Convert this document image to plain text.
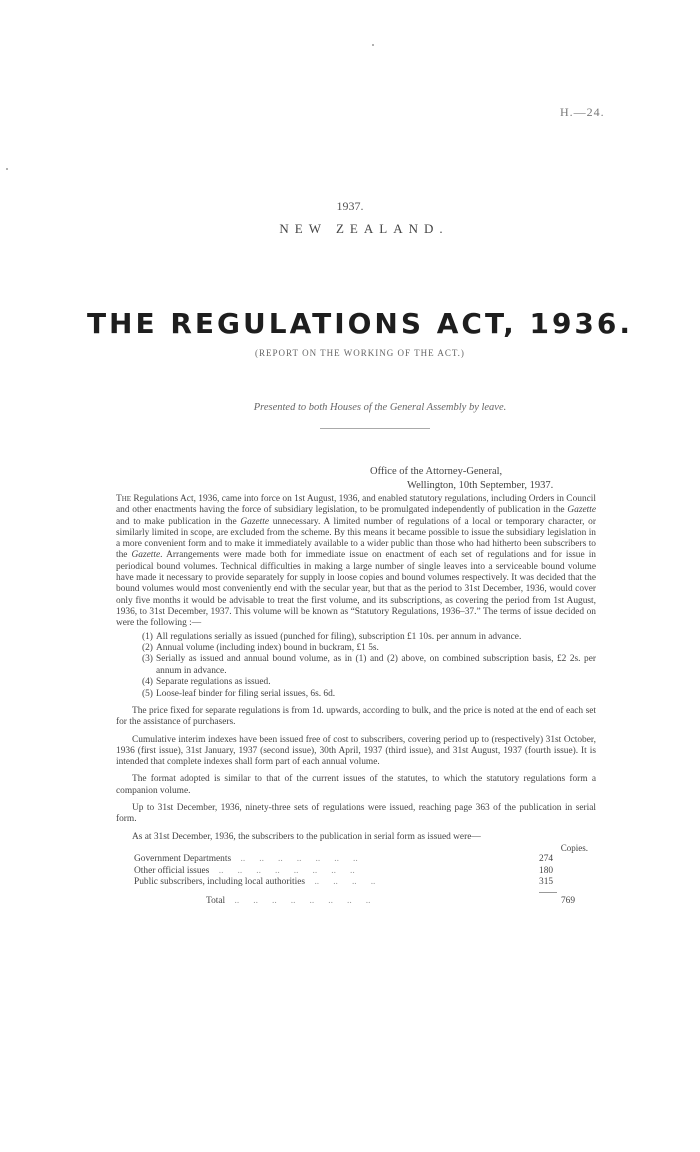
H.—24.
1937.
NEW ZEALAND.
THE REGULATIONS ACT, 1936.
(REPORT ON THE WORKING OF THE ACT.)
Presented to both Houses of the General Assembly by leave.
Office of the Attorney-General,
Wellington, 10th September, 1937.

The Regulations Act, 1936, came into force on 1st August, 1936, and enabled statutory regulations, including Orders in Council and other enactments having the force of subsidiary legislation, to be promulgated independently of publication in the Gazette and to make publication in the Gazette unnecessary. A limited number of regulations of a local or temporary character, or similarly limited in scope, are excluded from the scheme. By this means it became possible to issue the subsidiary legislation in a more convenient form and to make it immediately available to a wider public than those who had hitherto been subscribers to the Gazette. Arrangements were made both for immediate issue on enactment of each set of regulations and for issue in periodical bound volumes. Technical difficulties in making a large number of single leaves into a serviceable bound volume have made it necessary to provide separately for supply in loose copies and bound volumes respectively. It was decided that the bound volumes would most conveniently end with the secular year, but that as the period to 31st December, 1936, would cover only five months it would be advisable to treat the first volume, and its subscriptions, as covering the period from 1st August, 1936, to 31st December, 1937. This volume will be known as “Statutory Regulations, 1936–37.” The terms of issue decided on were the following :—

(1) All regulations serially as issued (punched for filing), subscription £1 10s. per annum in advance.
(2) Annual volume (including index) bound in buckram, £1 5s.
(3) Serially as issued and annual bound volume, as in (1) and (2) above, on combined subscription basis, £2 2s. per annum in advance.
(4) Separate regulations as issued.
(5) Loose-leaf binder for filing serial issues, 6s. 6d.

The price fixed for separate regulations is from 1d. upwards, according to bulk, and the price is noted at the end of each set for the assistance of purchasers.

Cumulative interim indexes have been issued free of cost to subscribers, covering period up to (respectively) 31st October, 1936 (first issue), 31st January, 1937 (second issue), 30th April, 1937 (third issue), and 31st August, 1937 (fourth issue). It is intended that complete indexes shall form part of each annual volume.

The format adopted is similar to that of the current issues of the statutes, to which the statutory regulations form a companion volume.

Up to 31st December, 1936, ninety-three sets of regulations were issued, reaching page 363 of the publication in serial form.

As at 31st December, 1936, the subscribers to the publication in serial form as issued were—

Copies.
Government Departments    ..      ..      ..      ..      ..      ..      ..	274
Other official issues    ..      ..      ..      ..      ..      ..      ..      ..	180
Public subscribers, including local authorities    ..      ..      ..      ..	315
Total    ..      ..      ..      ..      ..      ..      ..      ..	769
